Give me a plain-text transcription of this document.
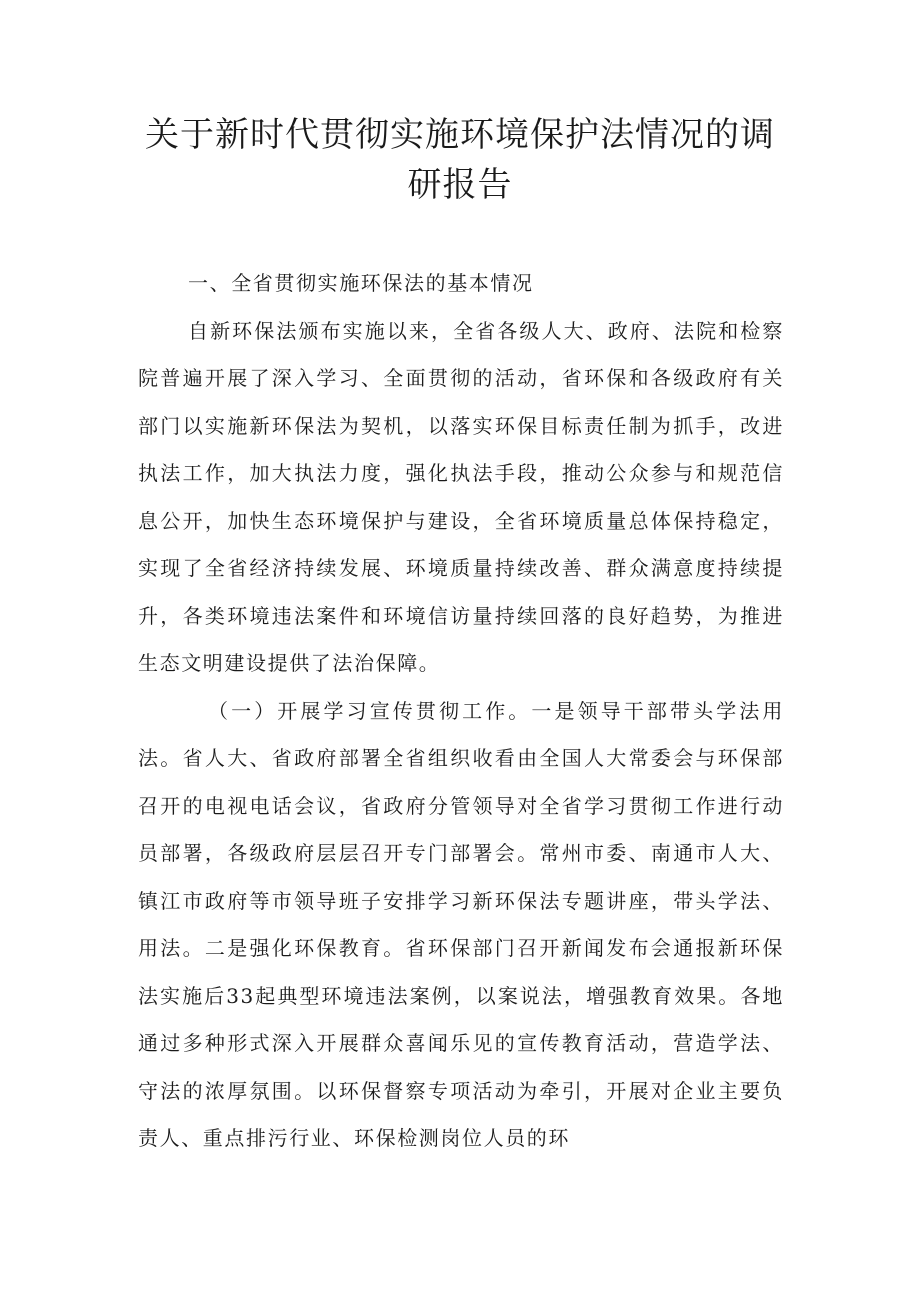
关于新时代贯彻实施环境保护法情况的调研报告

一、全省贯彻实施环保法的基本情况

自新环保法颁布实施以来，全省各级人大、政府、法院和检察院普遍开展了深入学习、全面贯彻的活动，省环保和各级政府有关部门以实施新环保法为契机，以落实环保目标责任制为抓手，改进执法工作，加大执法力度，强化执法手段，推动公众参与和规范信息公开，加快生态环境保护与建设，全省环境质量总体保持稳定，实现了全省经济持续发展、环境质量持续改善、群众满意度持续提升，各类环境违法案件和环境信访量持续回落的良好趋势，为推进生态文明建设提供了法治保障。

（一）开展学习宣传贯彻工作。一是领导干部带头学法用法。省人大、省政府部署全省组织收看由全国人大常委会与环保部召开的电视电话会议，省政府分管领导对全省学习贯彻工作进行动员部署，各级政府层层召开专门部署会。常州市委、南通市人大、镇江市政府等市领导班子安排学习新环保法专题讲座，带头学法、用法。二是强化环保教育。省环保部门召开新闻发布会通报新环保法实施后33起典型环境违法案例，以案说法，增强教育效果。各地通过多种形式深入开展群众喜闻乐见的宣传教育活动，营造学法、守法的浓厚氛围。以环保督察专项活动为牵引，开展对企业主要负责人、重点排污行业、环保检测岗位人员的环
